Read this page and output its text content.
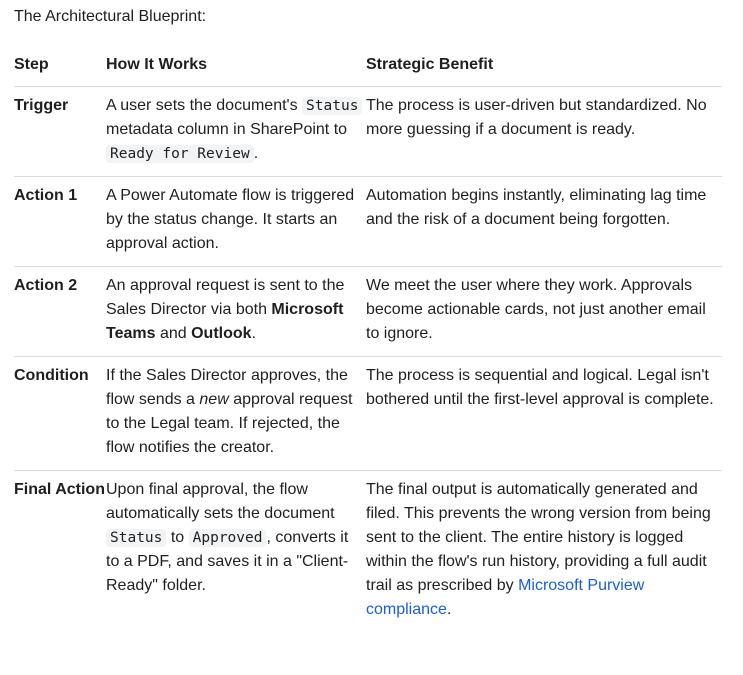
The Architectural Blueprint:

Step	How It Works	Strategic Benefit
Trigger	A user sets the document's Status metadata column in SharePoint to Ready for Review .	The process is user-driven but standardized. No more guessing if a document is ready.
Action 1	A Power Automate flow is triggered by the status change. It starts an approval action.	Automation begins instantly, eliminating lag time and the risk of a document being forgotten.
Action 2	An approval request is sent to the Sales Director via both Microsoft Teams and Outlook.	We meet the user where they work. Approvals become actionable cards, not just another email to ignore.
Condition	If the Sales Director approves, the flow sends a new approval request to the Legal team. If rejected, the flow notifies the creator.	The process is sequential and logical. Legal isn't bothered until the first-level approval is complete.
Final Action	Upon final approval, the flow automatically sets the document Status to Approved , converts it to a PDF, and saves it in a "Client-Ready" folder.	The final output is automatically generated and filed. This prevents the wrong version from being sent to the client. The entire history is logged within the flow's run history, providing a full audit trail as prescribed by Microsoft Purview compliance.
